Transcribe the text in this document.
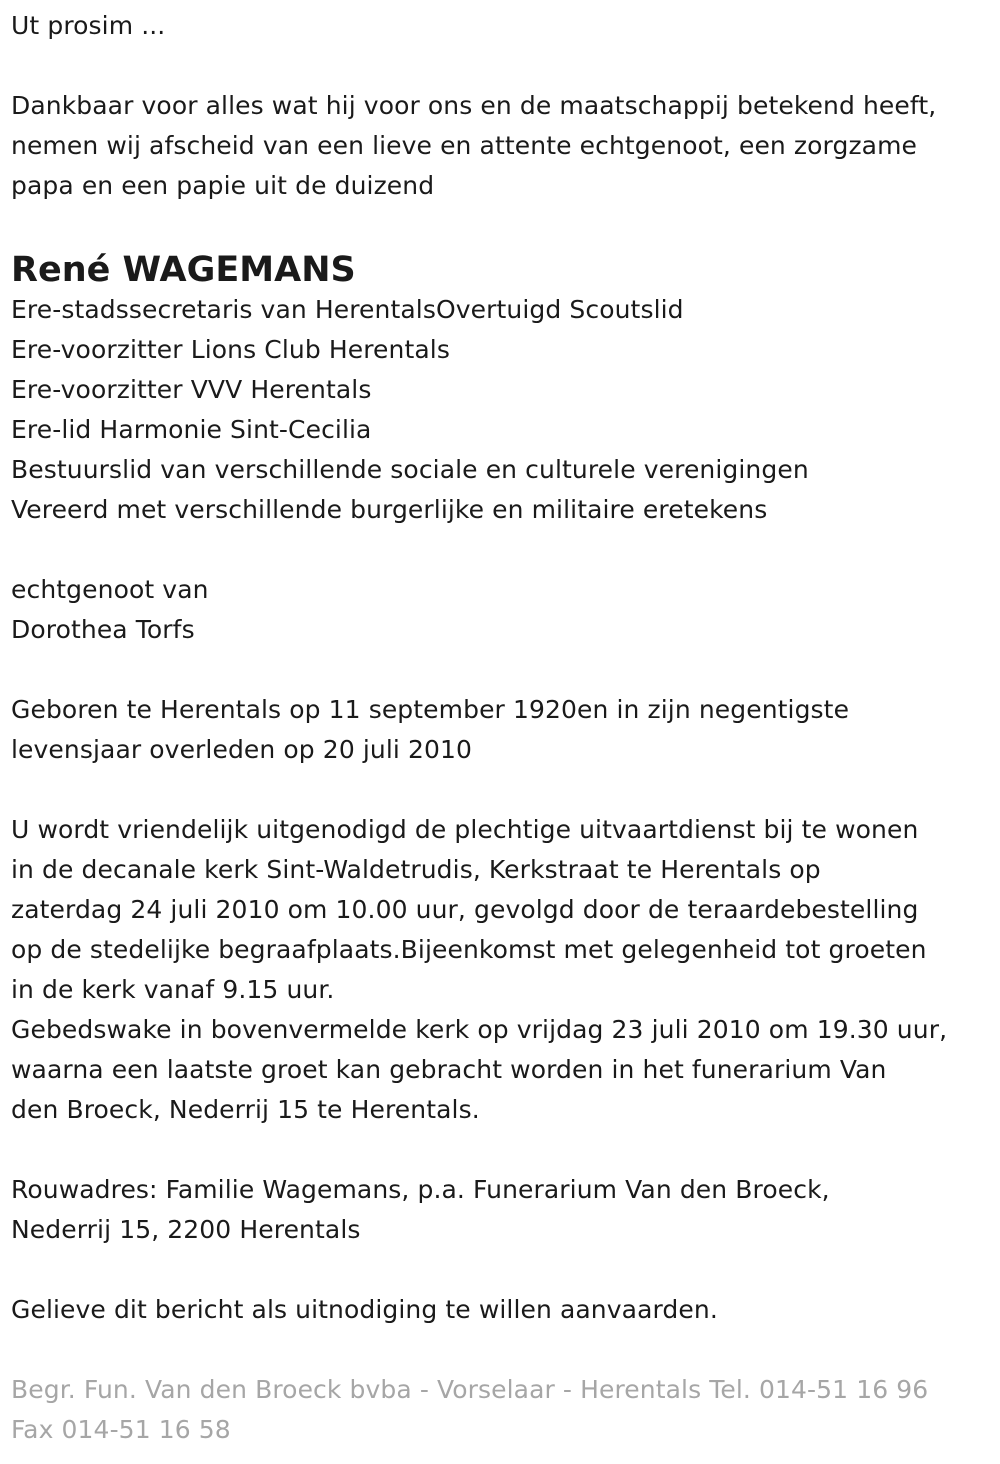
Ut prosim ...
Dankbaar voor alles wat hij voor ons en de maatschappij betekend heeft,
nemen wij afscheid van een lieve en attente echtgenoot, een zorgzame
papa en een papie uit de duizend
René WAGEMANS
Ere-stadssecretaris van HerentalsOvertuigd Scoutslid
Ere-voorzitter Lions Club Herentals
Ere-voorzitter VVV Herentals
Ere-lid Harmonie Sint-Cecilia
Bestuurslid van verschillende sociale en culturele verenigingen
Vereerd met verschillende burgerlijke en militaire eretekens
echtgenoot van
Dorothea Torfs
Geboren te Herentals op 11 september 1920en in zijn negentigste
levensjaar overleden op 20 juli 2010
U wordt vriendelijk uitgenodigd de plechtige uitvaartdienst bij te wonen
in de decanale kerk Sint-Waldetrudis, Kerkstraat te Herentals op
zaterdag 24 juli 2010 om 10.00 uur, gevolgd door de teraardebestelling
op de stedelijke begraafplaats.Bijeenkomst met gelegenheid tot groeten
in de kerk vanaf 9.15 uur.
Gebedswake in bovenvermelde kerk op vrijdag 23 juli 2010 om 19.30 uur,
waarna een laatste groet kan gebracht worden in het funerarium Van
den Broeck, Nederrij 15 te Herentals.
Rouwadres: Familie Wagemans, p.a. Funerarium Van den Broeck,
Nederrij 15, 2200 Herentals
Gelieve dit bericht als uitnodiging te willen aanvaarden.
Begr. Fun. Van den Broeck bvba - Vorselaar - Herentals Tel. 014-51 16 96
Fax 014-51 16 58
